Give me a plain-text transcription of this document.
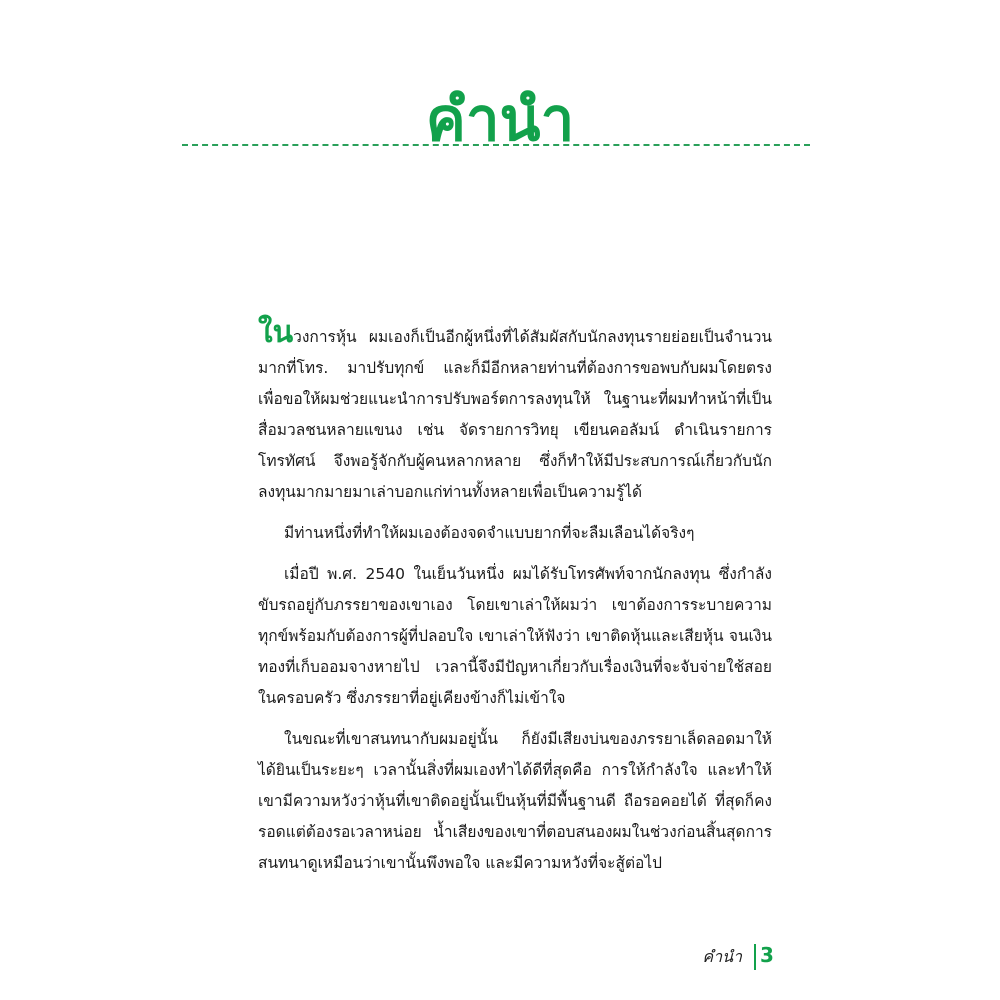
คำนำ

ในวงการหุ้น ผมเองก็เป็นอีกผู้หนึ่งที่ได้สัมผัสกับนักลงทุนรายย่อยเป็นจำนวนมากที่โทร. มาปรับทุกข์ และก็มีอีกหลายท่านที่ต้องการขอพบกับผมโดยตรง เพื่อขอให้ผมช่วยแนะนำการปรับพอร์ตการลงทุนให้ ในฐานะที่ผมทำหน้าที่เป็นสื่อมวลชนหลายแขนง เช่น จัดรายการวิทยุ เขียนคอลัมน์ ดำเนินรายการโทรทัศน์ จึงพอรู้จักกับผู้คนหลากหลาย ซึ่งก็ทำให้มีประสบการณ์เกี่ยวกับนักลงทุนมากมายมาเล่าบอกแก่ท่านทั้งหลายเพื่อเป็นความรู้ได้

มีท่านหนึ่งที่ทำให้ผมเองต้องจดจำแบบยากที่จะลืมเลือนได้จริงๆ

เมื่อปี พ.ศ. 2540 ในเย็นวันหนึ่ง ผมได้รับโทรศัพท์จากนักลงทุน ซึ่งกำลังขับรถอยู่กับภรรยาของเขาเอง โดยเขาเล่าให้ผมว่า เขาต้องการระบายความทุกข์พร้อมกับต้องการผู้ที่ปลอบใจ เขาเล่าให้ฟังว่า เขาติดหุ้นและเสียหุ้น จนเงินทองที่เก็บออมจางหายไป เวลานี้จึงมีปัญหาเกี่ยวกับเรื่องเงินที่จะจับจ่ายใช้สอยในครอบครัว ซึ่งภรรยาที่อยู่เคียงข้างก็ไม่เข้าใจ

ในขณะที่เขาสนทนากับผมอยู่นั้น ก็ยังมีเสียงบ่นของภรรยาเล็ดลอดมาให้ได้ยินเป็นระยะๆ เวลานั้นสิ่งที่ผมเองทำได้ดีที่สุดคือ การให้กำลังใจ และทำให้เขามีความหวังว่าหุ้นที่เขาติดอยู่นั้นเป็นหุ้นที่มีพื้นฐานดี ถือรอคอยได้ ที่สุดก็คงรอดแต่ต้องรอเวลาหน่อย น้ำเสียงของเขาที่ตอบสนองผมในช่วงก่อนสิ้นสุดการสนทนาดูเหมือนว่าเขานั้นพึงพอใจ และมีความหวังที่จะสู้ต่อไป

คำนำ 3
